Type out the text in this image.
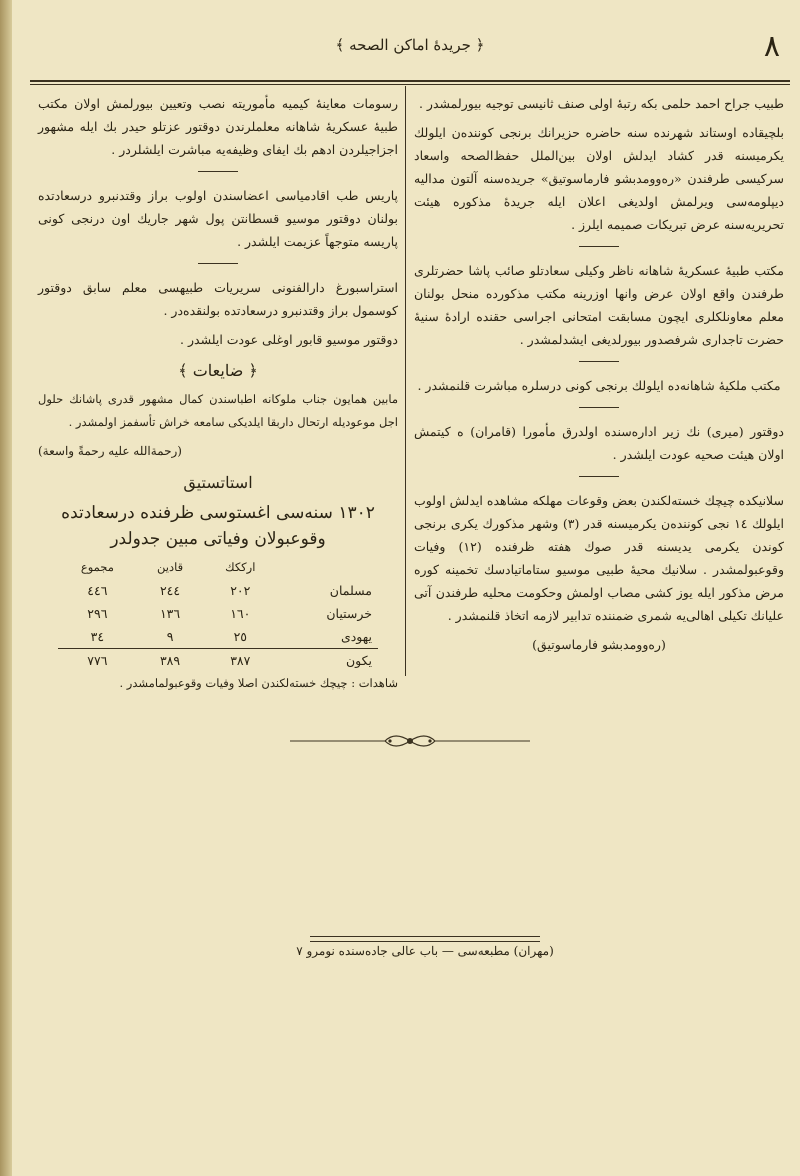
۸
﴿ جريدهٔ اماكن الصحه ﴾

طبيب جراح احمد حلمى بكه رتبهٔ اولى صنف ثانيسى توجيه بيورلمشدر .

بلچيقاده اوستاند شهرنده سنه حاضره حزيرانك برنجى كوننده‌ن ايلولك يكرميسنه قدر كشاد ايدلش اولان بين‌الملل حفظ‌الصحه واسعاد سركيسى طرفندن «رەوومدبشو فارماسوتيق» جريده‌سنه آلتون مداليه ديپلومه‌سى ويرلمش اولديغى اعلان ايله جريدهٔ مذكوره هيئت تحريريه‌سنه عرض تبريكات صميمه ايلرز .

مكتب طبيهٔ عسكريهٔ شاهانه ناظر وكيلى سعادتلو صائب پاشا حضرتلرى طرفندن واقع اولان عرض وانها اوزرينه مكتب مذكورده منحل بولنان معلم معاونلكلرى ايچون مسابقت امتحانى اجراسى حقنده ارادهٔ سنيهٔ حضرت تاجدارى شرفصدور بيورلديغى ايشدلمشدر .

مكتب ملكيهٔ شاهانه‌ده ايلولك برنجى كونى درسلره مباشرت قلنمشدر .

دوقتور (ميرى) نك زير ادارەسنده اولدرق مأمورا (قامران) ه كيتمش اولان هيئت صحيه عودت ايلشدر .

سلانيكده چيچك خسته‌لكندن بعض وقوعات مهلكه مشاهده ايدلش اولوب ايلولك ١٤ نجى كوننده‌ن يكرميسنه قدر (٣) وشهر مذكورك يكرى برنجى كوندن يكرمى يديسنه قدر صوك هفته ظرفنده (١٢) وفيات وقوعبولمشدر . سلانيك محيهٔ طبيى موسيو ستاماتيادسك تخمينه كوره مرض مذكور ايله يوز كشى مصاب اولمش وحكومت محليه طرفندن آتى عليانك تكيلى اهالى‌يه شمرى ضمننده تدابير لازمه اتخاذ قلنمشدر .

(رەوومدبشو فارماسوتيق)

رسومات معاينهٔ كيميه مأموريته نصب وتعيين بيورلمش اولان مكتب طبيهٔ عسكريهٔ شاهانه معلملرندن دوقتور عزتلو حيدر بك ايله مشهور اجزاجيلردن ادهم بك ايفاى وظيفه‌يه مباشرت ايلشلردر .

پاريس طب اقادمياسى اعضاسندن اولوب براز وقتدنبرو درسعادتده بولنان دوقتور موسيو قسطانتن پول شهر جاريك اون درنجى كونى پاريسه متوجهاً عزيمت ايلشدر .

استراسبورغ دارالفنونى سريريات طبيهسى معلم سابق دوقتور كوسمول براز وقتدنبرو درسعادتده بولنقده‌در .

دوقتور موسيو قابور اوغلى عودت ايلشدر .

﴿ ضايعات ﴾

مابين همايون جناب ملوكانه اطباسندن كمال مشهور قدرى پاشانك حلول اجل موعوديله ارتحال داربقا ايلديكى سامعه خراش تأسفمز اولمشدر .

(رحمةالله عليه رحمةً واسعة)

استاتستيق
١٣٠٢ سنه‌سى اغستوسى ظرفنده درسعادتده وقوعبولان وفياتى مبين جدولدر
	ارككك	قادين	مجموع
مسلمان	٢٠٢	٢٤٤	٤٤٦
خرستيان	١٦٠	١٣٦	٢٩٦
يهودى	٢٥	٩	٣٤
يكون	٣٨٧	٣٨٩	٧٧٦

شاهدات : چيچك خسته‌لكندن اصلا وفيات وقوعبولمامشدر .

(مهران) مطبعه‌سى — باب عالى جاده‌سنده نومرو ٧
